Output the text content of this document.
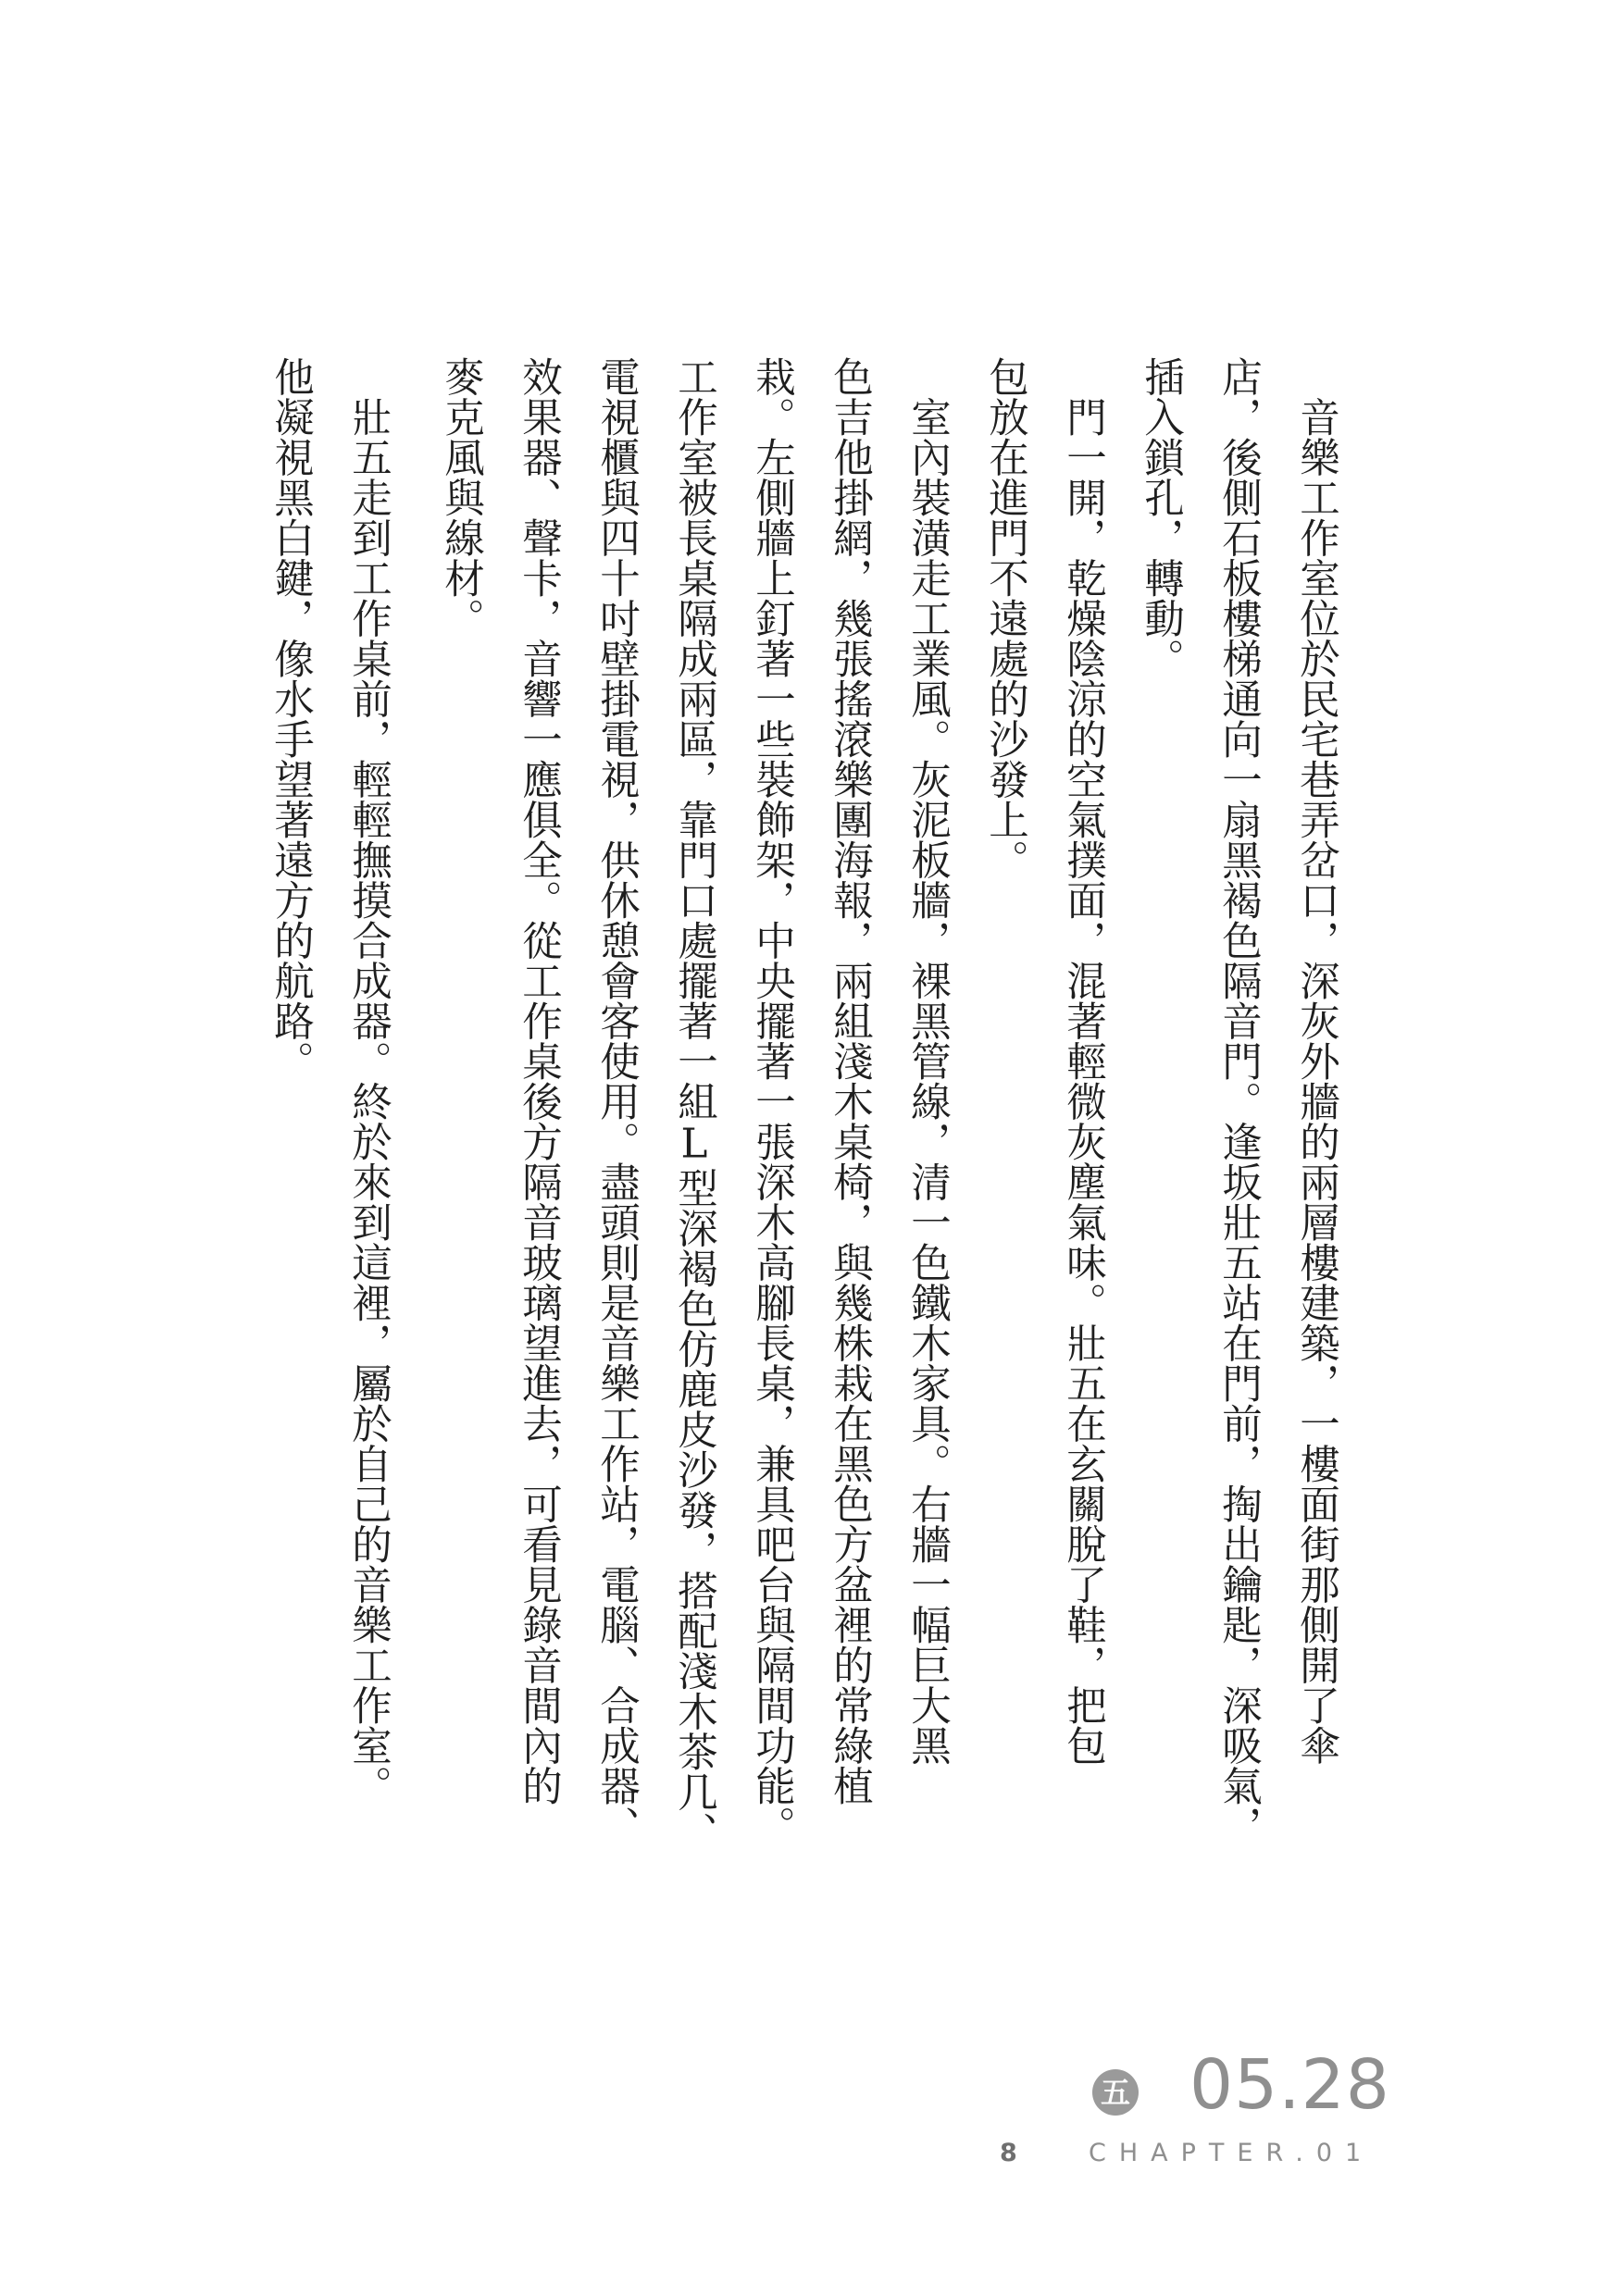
　音樂工作室位於民宅巷弄岔口，深灰外牆的兩層樓建築，一樓面街那側開了傘
店，後側石板樓梯通向一扇黑褐色隔音門。逢坂壯五站在門前，掏出鑰匙，深吸氣，
插入鎖孔，轉動。
　門一開，乾燥陰涼的空氣撲面，混著輕微灰塵氣味。壯五在玄關脫了鞋，把包
包放在進門不遠處的沙發上。
　室內裝潢走工業風。灰泥板牆，裸黑管線，清一色鐵木家具。右牆一幅巨大黑
色吉他掛網，幾張搖滾樂團海報，兩組淺木桌椅，與幾株栽在黑色方盆裡的常綠植
栽。左側牆上釘著一些裝飾架，中央擺著一張深木高腳長桌，兼具吧台與隔間功能。
工作室被長桌隔成兩區，靠門口處擺著一組L型深褐色仿鹿皮沙發，搭配淺木茶几、
電視櫃與四十吋壁掛電視，供休憩會客使用。盡頭則是音樂工作站，電腦、合成器、
效果器、聲卡，音響一應俱全。從工作桌後方隔音玻璃望進去，可看見錄音間內的
麥克風與線材。
　壯五走到工作桌前，輕輕撫摸合成器。終於來到這裡，屬於自己的音樂工作室。
他凝視黑白鍵，像水手望著遠方的航路。
五 05.28
8	CHAPTER.01
